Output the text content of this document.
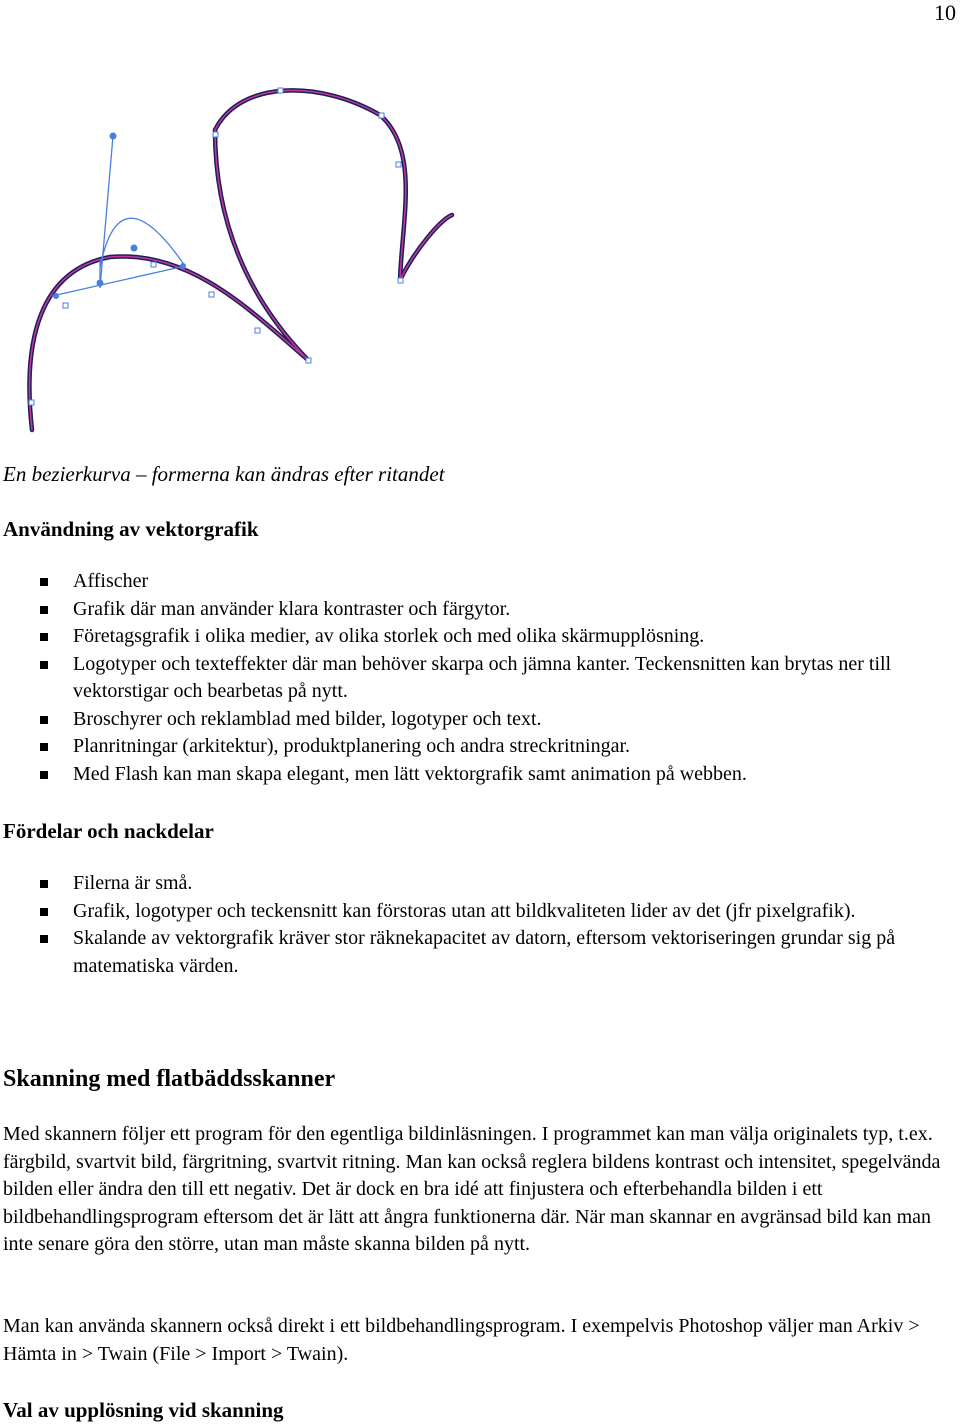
10

En bezierkurva – formerna kan ändras efter ritandet

Användning av vektorgrafik
Affischer
Grafik där man använder klara kontraster och färgytor.
Företagsgrafik i olika medier, av olika storlek och med olika skärmupplösning.
Logotyper och texteffekter där man behöver skarpa och jämna kanter. Teckensnitten kan brytas ner till vektorstigar och bearbetas på nytt.
Broschyrer och reklamblad med bilder, logotyper och text.
Planritningar (arkitektur), produktplanering och andra streckritningar.
Med Flash kan man skapa elegant, men lätt vektorgrafik samt animation på webben.
Fördelar och nackdelar
Filerna är små.
Grafik, logotyper och teckensnitt kan förstoras utan att bildkvaliteten lider av det (jfr pixelgrafik).
Skalande av vektorgrafik kräver stor räknekapacitet av datorn, eftersom vektoriseringen grundar sig på matematiska värden.
Skanning med flatbäddsskanner

Med skannern följer ett program för den egentliga bildinläsningen. I programmet kan man välja originalets typ, t.ex. färgbild, svartvit bild, färgritning, svartvit ritning. Man kan också reglera bildens kontrast och intensitet, spegelvända bilden eller ändra den till ett negativ. Det är dock en bra idé att finjustera och efterbehandla bilden i ett bildbehandlingsprogram eftersom det är lätt att ångra funktionerna där. När man skannar en avgränsad bild kan man inte senare göra den större, utan man måste skanna bilden på nytt.

Man kan använda skannern också direkt i ett bildbehandlingsprogram. I exempelvis Photoshop väljer man Arkiv > Hämta in > Twain (File > Import > Twain).

Val av upplösning vid skanning
